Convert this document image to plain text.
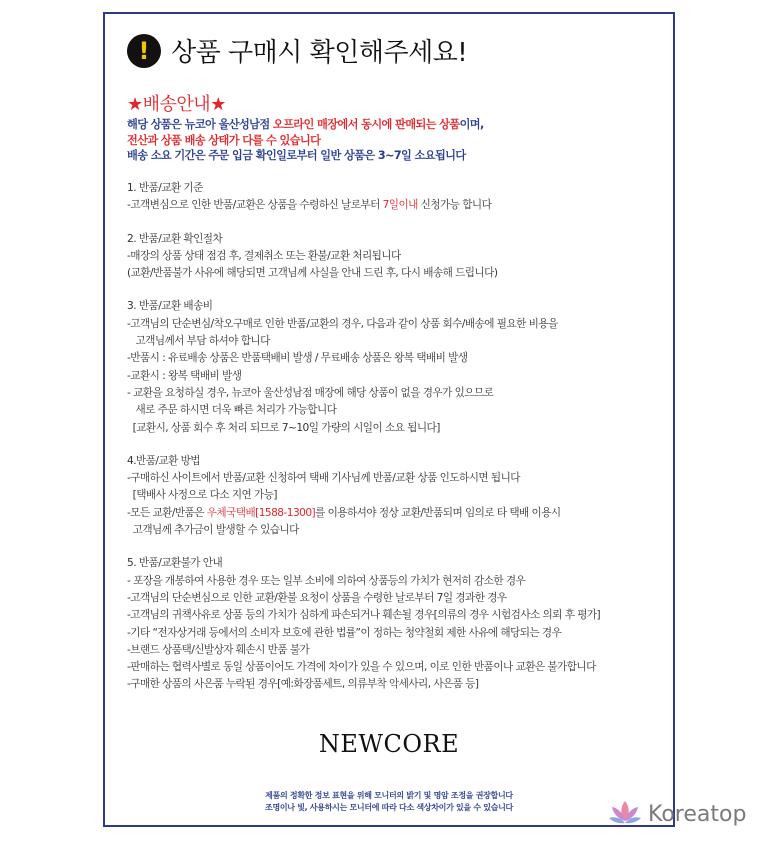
! 상품 구매시 확인해주세요!
★배송안내★
해당 상품은 뉴코아 울산성남점 오프라인 매장에서 동시에 판매되는 상품이며,
전산과 상품 배송 상태가 다를 수 있습니다
배송 소요 기간은 주문 입금 확인일로부터 일반 상품은 3~7일 소요됩니다
1. 반품/교환 기준
-고객변심으로 인한 반품/교환은 상품을 수령하신 날로부터 7일이내 신청가능 합니다
2. 반품/교환 확인절차
-매장의 상품 상태 점검 후, 결제취소 또는 환불/교환 처리됩니다
(교환/반품불가 사유에 해당되면 고객님께 사실을 안내 드린 후, 다시 배송해 드립니다)
3. 반품/교환 배송비
-고객님의 단순변심/착오구매로 인한 반품/교환의 경우, 다음과 같이 상품 회수/배송에 필요한 비용을
고객님께서 부담 하셔야 합니다
-반품시 : 유료배송 상품은 반품택배비 발생 / 무료배송 상품은 왕복 택배비 발생
-교환시 : 왕복 택배비 발생
- 교환을 요청하실 경우, 뉴코아 울산성남점 매장에 해당 상품이 없을 경우가 있으므로
새로 주문 하시면 더욱 빠른 처리가 가능합니다
[교환시, 상품 회수 후 처리 되므로 7~10일 가량의 시일이 소요 됩니다]
4.반품/교환 방법
-구매하신 사이트에서 반품/교환 신청하여 택배 기사님께 반품/교환 상품 인도하시면 됩니다
[택배사 사정으로 다소 지연 가능]
-모든 교환/반품은 우체국택배[1588-1300]를 이용하셔야 정상 교환/반품되며 임의로 타 택배 이용시
고객님께 추가금이 발생할 수 있습니다
5. 반품/교환불가 안내
- 포장을 개봉하여 사용한 경우 또는 일부 소비에 의하여 상품등의 가치가 현저히 감소한 경우
-고객님의 단순변심으로 인한 교환/환불 요청이 상품을 수령한 날로부터 7일 경과한 경우
-고객님의 귀책사유로 상품 등의 가치가 심하게 파손되거나 훼손될 경우[의류의 경우 시험검사소 의뢰 후 평가]
-기타 “전자상거래 등에서의 소비자 보호에 관한 법률”이 정하는 청약철회 제한 사유에 해당되는 경우
-브랜드 상품택/신발상자 훼손시 반품 불가
-판매하는 협력사별로 동일 상품이어도 가격에 차이가 있을 수 있으며, 이로 인한 반품이나 교환은 불가합니다
-구매한 상품의 사은품 누락된 경우[예:화장품세트, 의류부착 악세사리, 사은품 등]
NEWCORE
제품의 정확한 정보 표현을 위해 모니터의 밝기 및 명암 조정을 권장합니다
조명이나 빛, 사용하시는 모니터에 따라 다소 색상차이가 있을 수 있습니다	Koreatop
